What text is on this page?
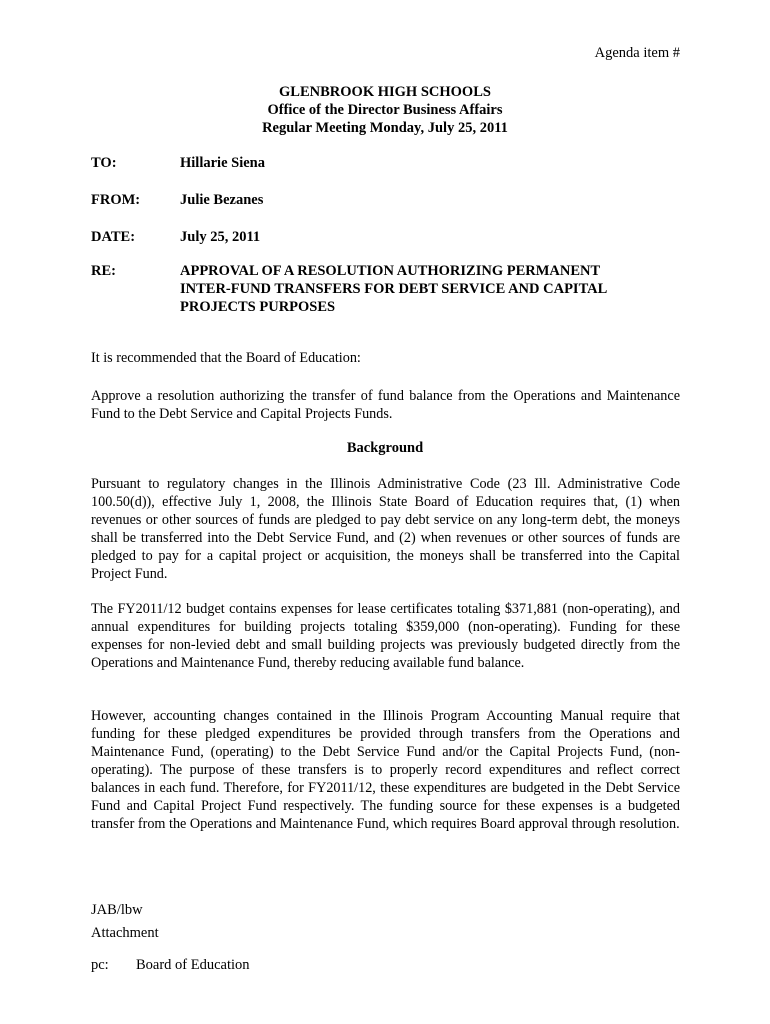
Agenda item #
GLENBROOK HIGH SCHOOLS
Office of the Director Business Affairs
Regular Meeting Monday, July 25, 2011
TO:	Hillarie Siena
FROM:	Julie Bezanes
DATE:	July 25, 2011
RE:	APPROVAL OF A RESOLUTION AUTHORIZING PERMANENT INTER-FUND TRANSFERS FOR DEBT SERVICE AND CAPITAL PROJECTS PURPOSES
It is recommended that the Board of Education:
Approve a resolution authorizing the transfer of fund balance from the Operations and Maintenance Fund to the Debt Service and Capital Projects Funds.
Background
Pursuant to regulatory changes in the Illinois Administrative Code (23 Ill. Administrative Code 100.50(d)), effective July 1, 2008, the Illinois State Board of Education requires that, (1) when revenues or other sources of funds are pledged to pay debt service on any long-term debt, the moneys shall be transferred into the Debt Service Fund, and (2) when revenues or other sources of funds are pledged to pay for a capital project or acquisition, the moneys shall be transferred into the Capital Project Fund.
The FY2011/12 budget contains expenses for lease certificates totaling $371,881 (non-operating), and annual expenditures for building projects totaling $359,000 (non-operating). Funding for these expenses for non-levied debt and small building projects was previously budgeted directly from the Operations and Maintenance Fund, thereby reducing available fund balance.
However, accounting changes contained in the Illinois Program Accounting Manual require that funding for these pledged expenditures be provided through transfers from the Operations and Maintenance Fund, (operating) to the Debt Service Fund and/or the Capital Projects Fund, (non-operating). The purpose of these transfers is to properly record expenditures and reflect correct balances in each fund. Therefore, for FY2011/12, these expenditures are budgeted in the Debt Service Fund and Capital Project Fund respectively. The funding source for these expenses is a budgeted transfer from the Operations and Maintenance Fund, which requires Board approval through resolution.
JAB/lbw
Attachment
pc: Board of Education
